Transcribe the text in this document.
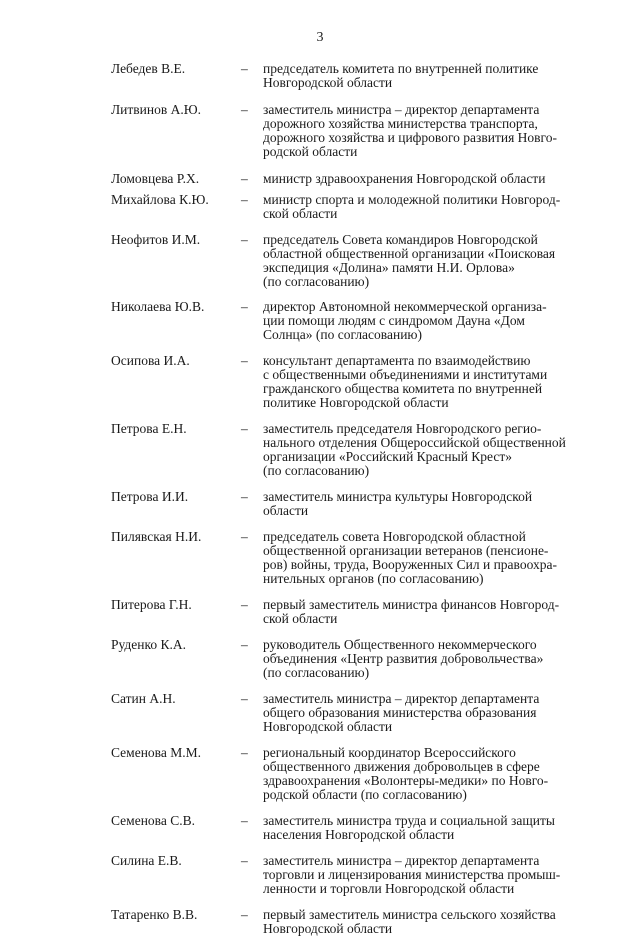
3
Лебедев В.Е.	–	председатель комитета по внутренней политике
Новгородской области
Литвинов А.Ю.	–	заместитель министра – директор департамента
дорожного хозяйства министерства транспорта,
дорожного хозяйства и цифрового развития Новго-
родской области
Ломовцева Р.Х.	–	министр здравоохранения Новгородской области
Михайлова К.Ю.	–	министр спорта и молодежной политики Новгород-
ской области
Неофитов И.М.	–	председатель Совета командиров Новгородской
областной общественной организации «Поисковая
экспедиция «Долина» памяти Н.И. Орлова»
(по согласованию)
Николаева Ю.В.	–	директор Автономной некоммерческой организа-
ции помощи людям с синдромом Дауна «Дом
Солнца» (по согласованию)
Осипова И.А.	–	консультант департамента по взаимодействию
с общественными объединениями и институтами
гражданского общества комитета по внутренней
политике Новгородской области
Петрова Е.Н.	–	заместитель председателя Новгородского регио-
нального отделения Общероссийской общественной
организации «Российский Красный Крест»
(по согласованию)
Петрова И.И.	–	заместитель министра культуры Новгородской
области
Пилявская Н.И.	–	председатель совета Новгородской областной
общественной организации ветеранов (пенсионе-
ров) войны, труда, Вооруженных Сил и правоохра-
нительных органов (по согласованию)
Питерова Г.Н.	–	первый заместитель министра финансов Новгород-
ской области
Руденко К.А.	–	руководитель Общественного некоммерческого
объединения «Центр развития добровольчества»
(по согласованию)
Сатин А.Н.	–	заместитель министра – директор департамента
общего образования министерства образования
Новгородской области
Семенова М.М.	–	региональный координатор Всероссийского
общественного движения добровольцев в сфере
здравоохранения «Волонтеры-медики» по Новго-
родской области (по согласованию)
Семенова С.В.	–	заместитель министра труда и социальной защиты
населения Новгородской области
Силина Е.В.	–	заместитель министра – директор департамента
торговли и лицензирования министерства промыш-
ленности и торговли Новгородской области
Татаренко В.В.	–	первый заместитель министра сельского хозяйства
Новгородской области
